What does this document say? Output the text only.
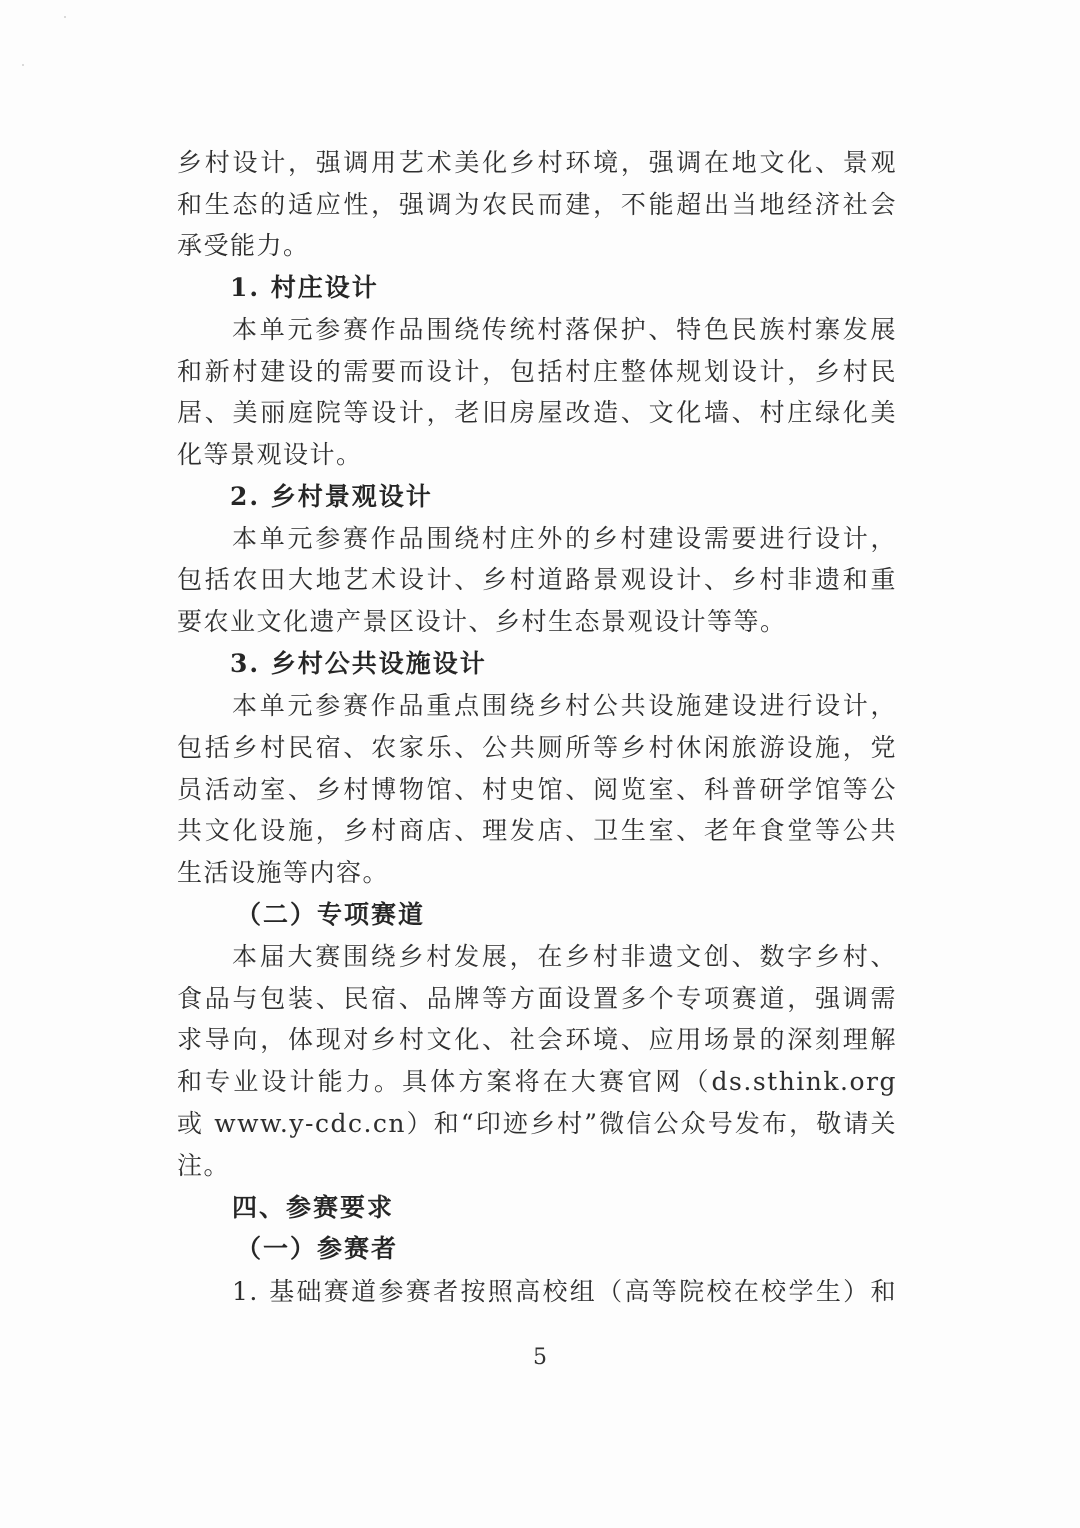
乡村设计，强调用艺术美化乡村环境，强调在地文化、景观
和生态的适应性，强调为农民而建，不能超出当地经济社会
承受能力。
1. 村庄设计
本单元参赛作品围绕传统村落保护、特色民族村寨发展
和新村建设的需要而设计，包括村庄整体规划设计，乡村民
居、美丽庭院等设计，老旧房屋改造、文化墙、村庄绿化美
化等景观设计。
2. 乡村景观设计
本单元参赛作品围绕村庄外的乡村建设需要进行设计，
包括农田大地艺术设计、乡村道路景观设计、乡村非遗和重
要农业文化遗产景区设计、乡村生态景观设计等等。
3. 乡村公共设施设计
本单元参赛作品重点围绕乡村公共设施建设进行设计，
包括乡村民宿、农家乐、公共厕所等乡村休闲旅游设施，党
员活动室、乡村博物馆、村史馆、阅览室、科普研学馆等公
共文化设施，乡村商店、理发店、卫生室、老年食堂等公共
生活设施等内容。
（二）专项赛道
本届大赛围绕乡村发展，在乡村非遗文创、数字乡村、
食品与包装、民宿、品牌等方面设置多个专项赛道，强调需
求导向，体现对乡村文化、社会环境、应用场景的深刻理解
和专业设计能力。具体方案将在大赛官网（ds.sthink.org
或 www.y-cdc.cn）和“印迹乡村”微信公众号发布，敬请关
注。
四、参赛要求
（一）参赛者
1. 基础赛道参赛者按照高校组（高等院校在校学生）和
5
